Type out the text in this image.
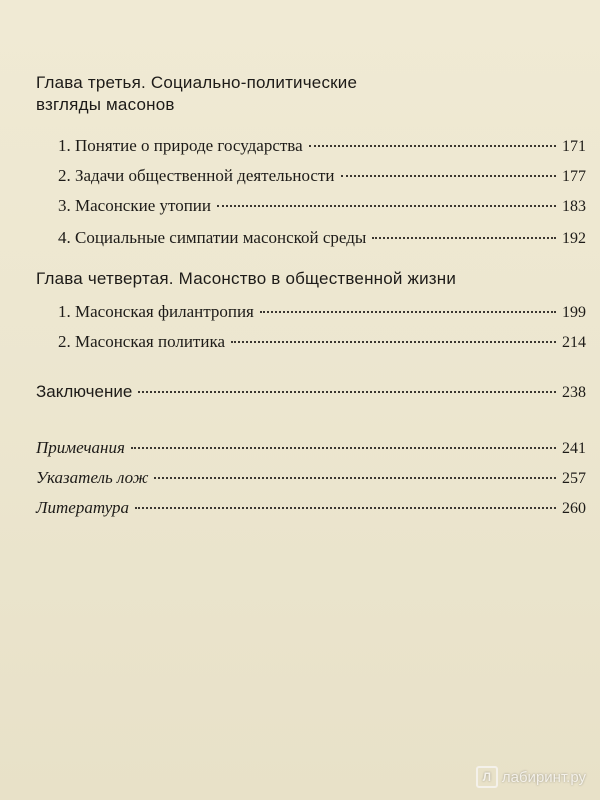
Глава третья. Социально-политические
взгляды масонов
1. Понятие о природе государства	171
2. Задачи общественной деятельности	177
3. Масонские утопии	183
4. Социальные симпатии масонской среды	192
Глава четвертая. Масонство в общественной жизни
1. Масонская филантропия	199
2. Масонская политика	214
Заключение	238
Примечания	241
Указатель лож	257
Литература	260
Л лабиринт.ру
